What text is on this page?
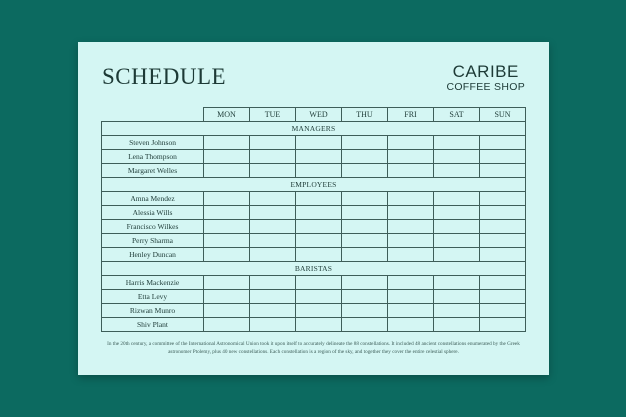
SCHEDULE	CARIBE
COFFEE SHOP
	MON	TUE	WED	THU	FRI	SAT	SUN
MANAGERS							
Steven Johnson							
Lena Thompson							
Margaret Welles							
EMPLOYEES							
Amna Mendez							
Alessia Wills							
Francisco Wilkes							
Perry Sharma							
Henley Duncan							
BARISTAS							
Harris Mackenzie							
Etta Levy							
Rizwan Munro							
Shiv Plant							
In the 20th century, a committee of the International Astronomical Union took it upon itself to accurately delineate the 88 constellations. It included 48 ancient constellations enumerated by the Greek astronomer Ptolemy, plus 40 new constellations. Each constellation is a region of the sky, and together they cover the entire celestial sphere.
